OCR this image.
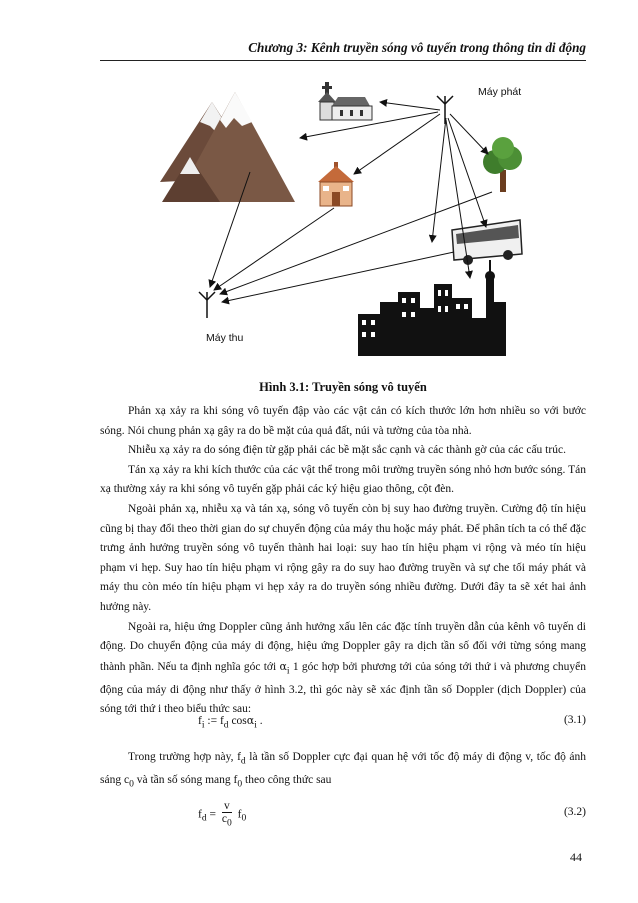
Chương 3: Kênh truyền sóng vô tuyến trong thông tin di động
Máy phát
Máy thu
Hình 3.1: Truyền sóng vô tuyến

Phản xạ xảy ra khi sóng vô tuyến đập vào các vật cản có kích thước lớn hơn nhiều so với bước sóng. Nói chung phản xạ gây ra do bề mặt của quả đất, núi và tường của tòa nhà.

Nhiễu xạ xảy ra do sóng điện từ gặp phải các bề mặt sắc cạnh và các thành gờ của các cấu trúc.

Tán xạ xảy ra khi kích thước của các vật thể trong môi trường truyền sóng nhỏ hơn bước sóng. Tán xạ thường xảy ra khi sóng vô tuyến gặp phải các ký hiệu giao thông, cột đèn.

Ngoài phản xạ, nhiễu xạ và tán xạ, sóng vô tuyến còn bị suy hao đường truyền. Cường độ tín hiệu cũng bị thay đổi theo thời gian do sự chuyển động của máy thu hoặc máy phát. Để phân tích ta có thể đặc trưng ảnh hưởng truyền sóng vô tuyến thành hai loại: suy hao tín hiệu phạm vi rộng và méo tín hiệu phạm vi hẹp. Suy hao tín hiệu phạm vi rộng gây ra do suy hao đường truyền và sự che tối máy phát và máy thu còn méo tín hiệu phạm vi hẹp xảy ra do truyền sóng nhiều đường. Dưới đây ta sẽ xét hai ảnh hưởng này.

Ngoài ra, hiệu ứng Doppler cũng ảnh hưởng xấu lên các đặc tính truyền dẫn của kênh vô tuyến di động. Do chuyển động của máy di động, hiệu ứng Doppler gây ra dịch tần số đối với từng sóng mang thành phần. Nếu ta định nghĩa góc tới $\alpha_i$ 1 góc hợp bởi phương tới của sóng tới thứ i và phương chuyển động của máy di động như thấy ở hình 3.2, thì góc này sẽ xác định tần số Doppler (dịch Doppler) của sóng tới thứ i theo biểu thức sau:

$f_i$ := $f_d$ cosα$_i$ .	(3.1)

Trong trường hợp này, $f_d$ là tần số Doppler cực đại quan hệ với tốc độ máy di động v, tốc độ ánh sáng $c_0$ và tần số sóng mang $f_0$ theo công thức sau

$f_d = \frac{v}{c_0} f_0$
(3.2)
44
